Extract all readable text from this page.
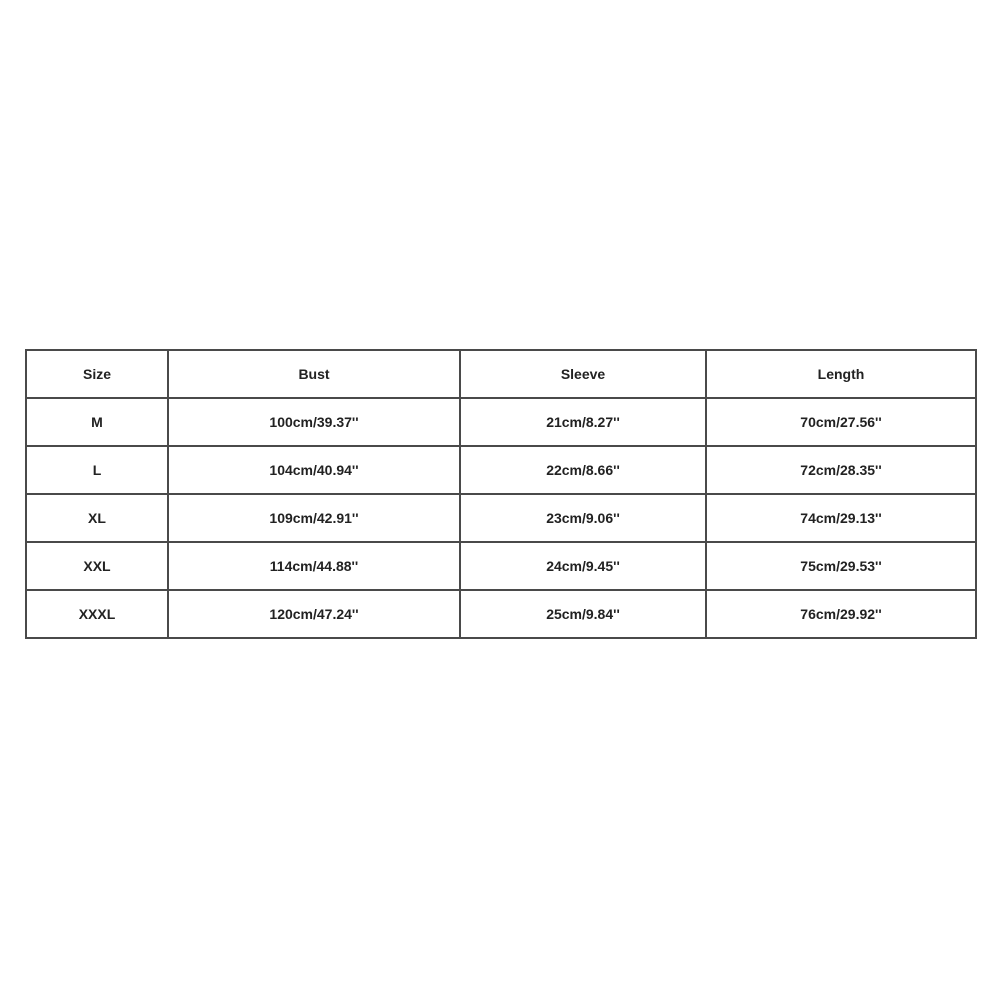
Size	Bust	Sleeve	Length
M	100cm/39.37''	21cm/8.27''	70cm/27.56''
L	104cm/40.94''	22cm/8.66''	72cm/28.35''
XL	109cm/42.91''	23cm/9.06''	74cm/29.13''
XXL	114cm/44.88''	24cm/9.45''	75cm/29.53''
XXXL	120cm/47.24''	25cm/9.84''	76cm/29.92''
